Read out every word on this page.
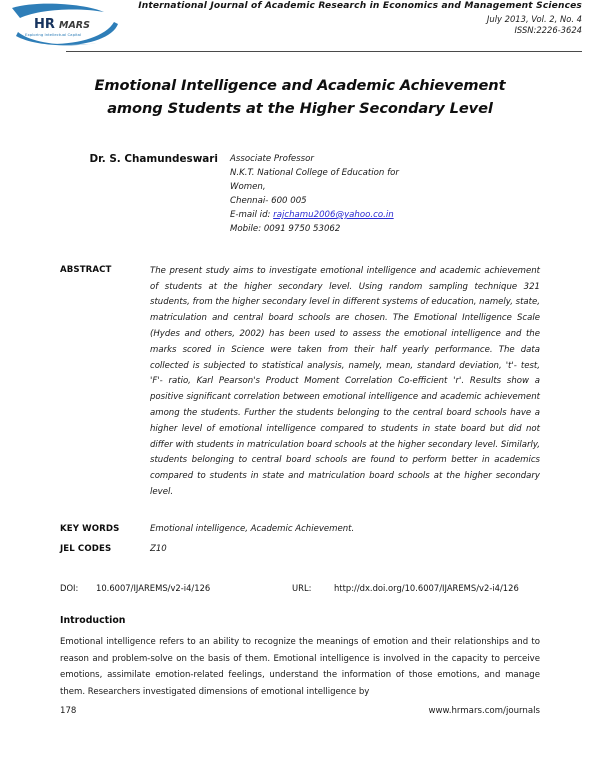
HR MARS
Exploring Intellectual Capital
International Journal of Academic Research in Economics and Management Sciences
July 2013, Vol. 2, No. 4
ISSN:2226-3624
Emotional Intelligence and Academic Achievement
among Students at the Higher Secondary Level
Dr. S. Chamundeswari	Associate Professor
N.K.T. National College of Education for
Women,
Chennai- 600 005
E-mail id: rajchamu2006@yahoo.co.in
Mobile: 0091 9750 53062
ABSTRACT	The present study aims to investigate emotional intelligence and academic achievement of students at the higher secondary level. Using random sampling technique 321 students, from the higher secondary level in different systems of education, namely, state, matriculation and central board schools are chosen. The Emotional Intelligence Scale (Hydes and others, 2002) has been used to assess the emotional intelligence and the marks scored in Science were taken from their half yearly performance. The data collected is subjected to statistical analysis, namely, mean, standard deviation, 't'- test, 'F'- ratio, Karl Pearson's Product Moment Correlation Co-efficient 'r'. Results show a positive significant correlation between emotional intelligence and academic achievement among the students. Further the students belonging to the central board schools have a higher level of emotional intelligence compared to students in state board but did not differ with students in matriculation board schools at the higher secondary level. Similarly, students belonging to central board schools are found to perform better in academics compared to students in state and matriculation board schools at the higher secondary level.
KEY WORDS	Emotional intelligence, Academic Achievement.
JEL CODES	Z10
DOI:	10.6007/IJAREMS/v2-i4/126	URL:	http://dx.doi.org/10.6007/IJAREMS/v2-i4/126
Introduction
Emotional intelligence refers to an ability to recognize the meanings of emotion and their relationships and to reason and problem-solve on the basis of them. Emotional intelligence is involved in the capacity to perceive emotions, assimilate emotion-related feelings, understand the information of those emotions, and manage them. Researchers investigated dimensions of emotional intelligence by
178	www.hrmars.com/journals
